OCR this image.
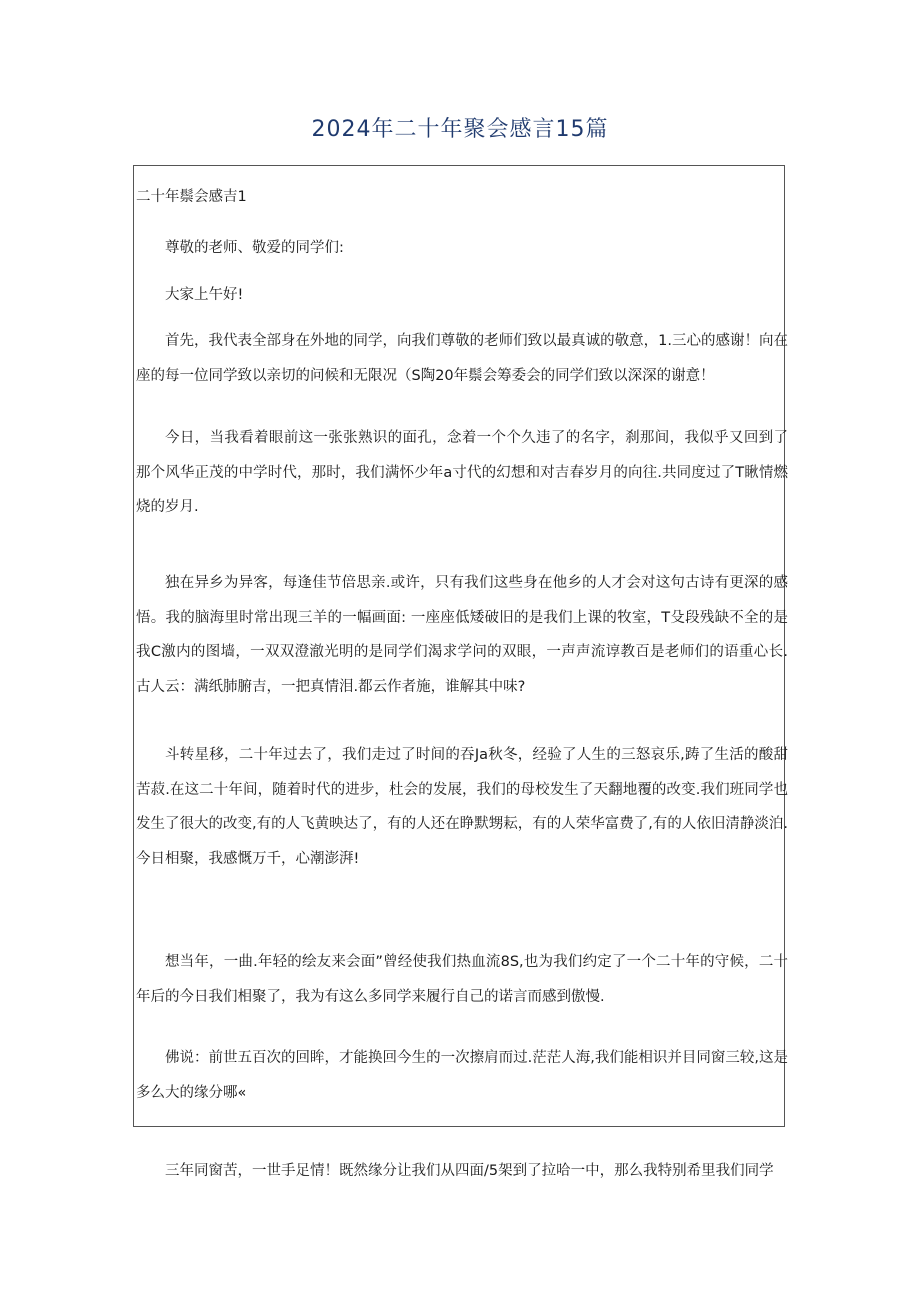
2024年二十年聚会感言15篇

二十年鬃会感吉1

尊敬的老师、敬爱的同学们:

大家上午好!

首先，我代表全部身在外地的同学，向我们尊敬的老师们致以最真诚的敬意，1.三心的感谢！向在座的每一位同学致以亲切的问候和无限况（S陶20年鬃会筹委会的同学们致以深深的谢意！

今日，当我看着眼前这一张张熟识的面孔，念着一个个久违了的名字，刹那间，我似乎又回到了那个风华正茂的中学时代，那时，我们满怀少年a寸代的幻想和对吉春岁月的向往.共同度过了T瞅情燃烧的岁月.

独在异乡为异客，每逢佳节倍思亲.或许，只有我们这些身在他乡的人才会对这句古诗有更深的感悟。我的脑海里时常出现三羊的一幅画面: 一座座低矮破旧的是我们上课的牧室，T殳段残缺不全的是我C激内的图墙，一双双澄澈光明的是同学们渴求学问的双眼，一声声流谆教百是老师们的语重心长.古人云：满纸肺腑吉，一把真情泪.都云作者施，谁解其中味?

斗转星移，二十年过去了，我们走过了时间的吞Ja秋冬，经验了人生的三怒哀乐,踌了生活的酸甜苦菽.在这二十年间，随着时代的进步，杜会的发展，我们的母校发生了天翻地覆的改变.我们班同学也发生了很大的改变,有的人飞黄映达了，有的人还在睁默甥耘，有的人荣华富费了,有的人依旧清静淡泊.今日相聚，我感慨万千，心潮澎湃!

想当年，一曲.年轻的绘友来会面”曾经使我们热血流8S,也为我们约定了一个二十年的守候，二十年后的今日我们相聚了，我为有这么多同学来履行自己的诺言而感到傲慢.

佛说：前世五百次的回眸，才能换回今生的一次擦肩而过.茫茫人海,我们能相识并目同窗三较,这是多么大的缘分哪«

三年同窗苦，一世手足情！既然缘分让我们从四面/5架到了拉哈一中，那么我特别希里我们同学
